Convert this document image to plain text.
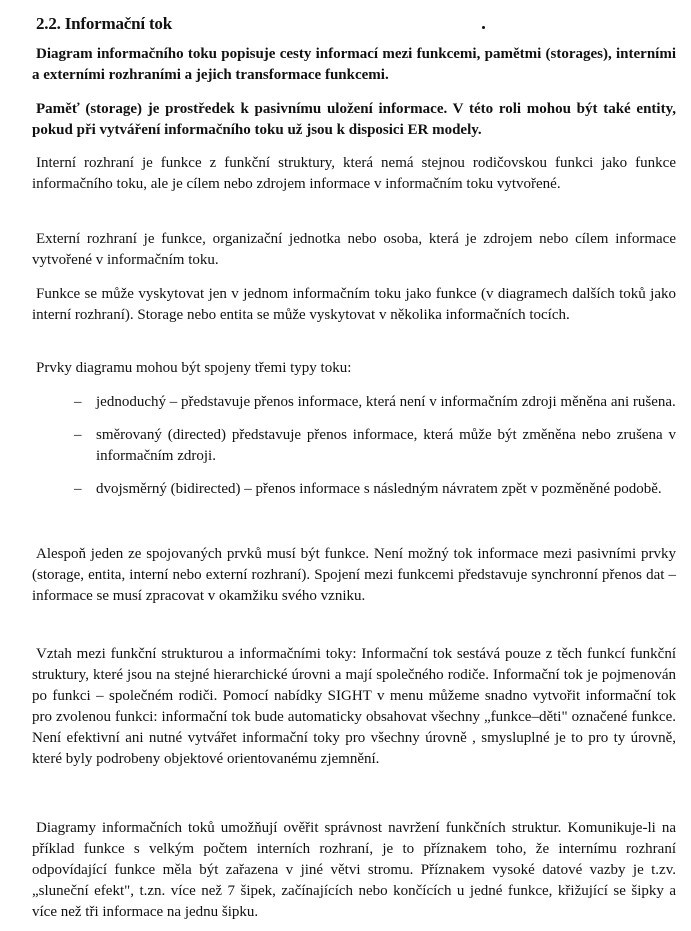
2.2. Informační tok
Diagram informačního toku popisuje cesty informací mezi funkcemi, pamětmi (storages), interními a externími rozhraními a jejich transformace funkcemi.
Paměť (storage) je prostředek k pasivnímu uložení informace. V této roli mohou být také entity, pokud při vytváření informačního toku už jsou k disposici ER modely.
Interní rozhraní je funkce z funkční struktury, která nemá stejnou rodičovskou funkci jako funkce informačního toku, ale je cílem nebo zdrojem informace v informačním toku vytvořené.
Externí rozhraní je funkce, organizační jednotka nebo osoba, která je zdrojem nebo cílem informace vytvořené v informačním toku.
Funkce se může vyskytovat jen v jednom informačním toku jako funkce (v diagramech dalších toků jako interní rozhraní). Storage nebo entita se může vyskytovat v několika informačních tocích.
Prvky diagramu mohou být spojeny třemi typy toku:
– jednoduchý – představuje přenos informace, která není v informačním zdroji měněna ani rušena.
– směrovaný (directed) představuje přenos informace, která může být změněna nebo zrušena v informačním zdroji.
– dvojsměrný (bidirected) – přenos informace s následným návratem zpět v pozměněné podobě.
Alespoň jeden ze spojovaných prvků musí být funkce. Není možný tok informace mezi pasivními prvky (storage, entita, interní nebo externí rozhraní). Spojení mezi funkcemi představuje synchronní přenos dat – informace se musí zpracovat v okamžiku svého vzniku.
Vztah mezi funkční strukturou a informačními toky: Informační tok sestává pouze z těch funkcí funkční struktury, které jsou na stejné hierarchické úrovni a mají společného rodiče. Informační tok je pojmenován po funkci – společném rodiči. Pomocí nabídky SIGHT v menu můžeme snadno vytvořit informační tok pro zvolenou funkci: informační tok bude automaticky obsahovat všechny „funkce–děti" označené funkce. Není efektivní ani nutné vytvářet informační toky pro všechny úrovně , smysluplné je to pro ty úrovně, které byly podrobeny objektové orientovanému zjemnění.
Diagramy informačních toků umožňují ověřit správnost navržení funkčních struktur. Komunikuje-li na příklad funkce s velkým počtem interních rozhraní, je to příznakem toho, že internímu rozhraní odpovídající funkce měla být zařazena v jiné větvi stromu. Příznakem vysoké datové vazby je t.zv. „sluneční efekt", t.zn. více než 7 šipek, začínajících nebo končících u jedné funkce, křižující se šipky a více než tři informace na jednu šipku.
